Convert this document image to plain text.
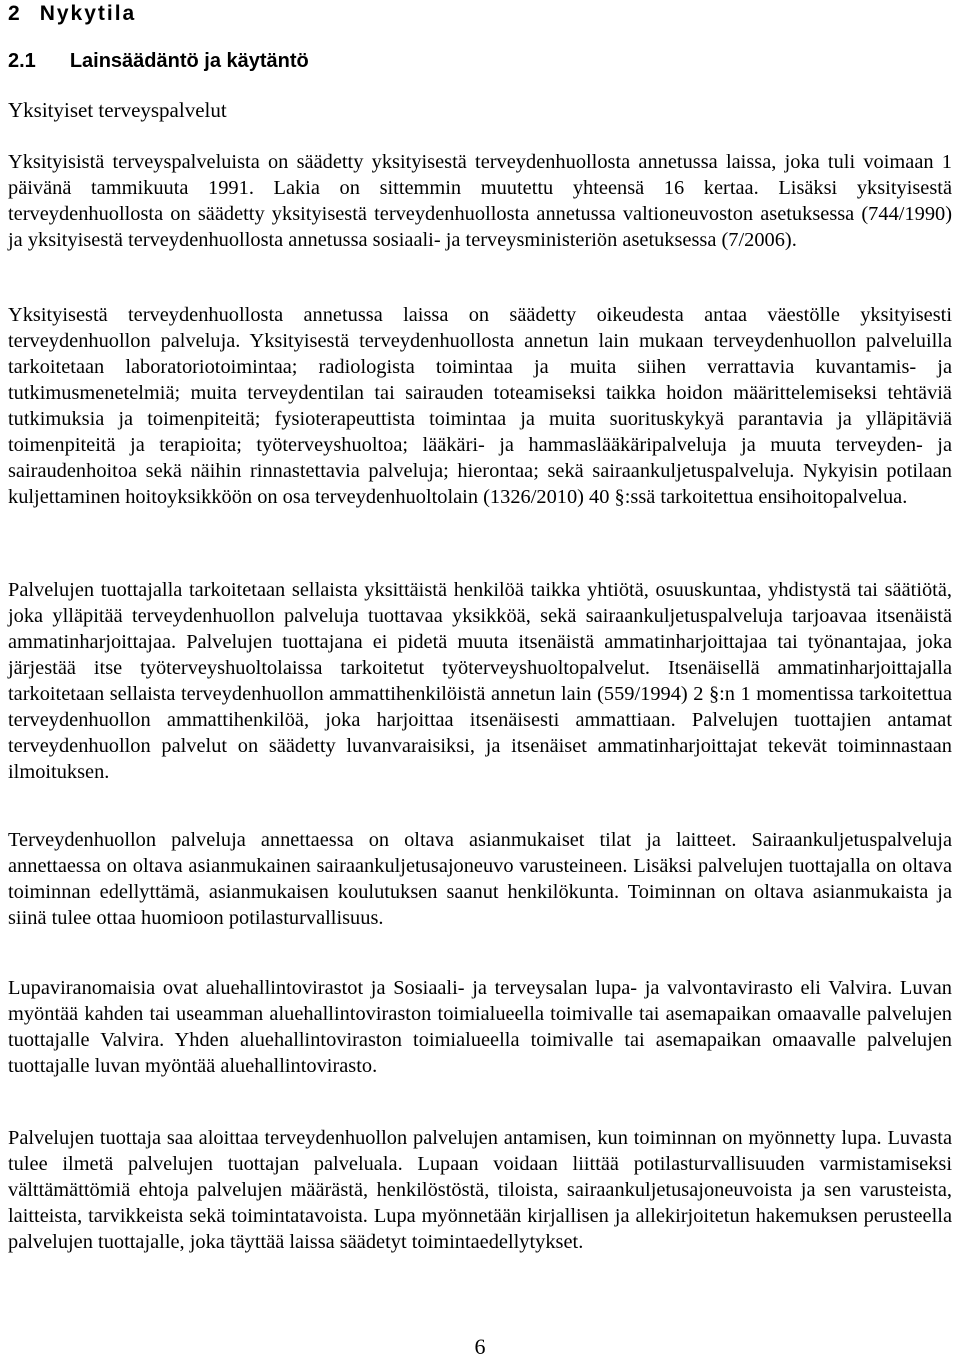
2 Nykytila
2.1 Lainsäädäntö ja käytäntö
Yksityiset terveyspalvelut

Yksityisistä terveyspalveluista on säädetty yksityisestä terveydenhuollosta annetussa laissa, joka tuli voimaan 1 päivänä tammikuuta 1991. Lakia on sittemmin muutettu yhteensä 16 kertaa. Lisäksi yksityisestä terveydenhuollosta on säädetty yksityisestä terveydenhuollosta annetussa valtioneuvoston asetuksessa (744/1990) ja yksityisestä terveydenhuollosta annetussa sosiaali- ja terveysministeriön asetuksessa (7/2006).

Yksityisestä terveydenhuollosta annetussa laissa on säädetty oikeudesta antaa väestölle yksityisesti terveydenhuollon palveluja. Yksityisestä terveydenhuollosta annetun lain mukaan terveydenhuollon palveluilla tarkoitetaan laboratoriotoimintaa; radiologista toimintaa ja muita siihen verrattavia kuvantamis- ja tutkimusmenetelmiä; muita terveydentilan tai sairauden toteamiseksi taikka hoidon määrittelemiseksi tehtäviä tutkimuksia ja toimenpiteitä; fysioterapeuttista toimintaa ja muita suorituskykyä parantavia ja ylläpitäviä toimenpiteitä ja terapioita; työterveyshuoltoa; lääkäri- ja hammaslääkäripalveluja ja muuta terveyden- ja sairaudenhoitoa sekä näihin rinnastettavia palveluja; hierontaa; sekä sairaankuljetuspalveluja. Nykyisin potilaan kuljettaminen hoitoyksikköön on osa terveydenhuoltolain (1326/2010) 40 §:ssä tarkoitettua ensihoitopalvelua.

Palvelujen tuottajalla tarkoitetaan sellaista yksittäistä henkilöä taikka yhtiötä, osuuskuntaa, yhdistystä tai säätiötä, joka ylläpitää terveydenhuollon palveluja tuottavaa yksikköä, sekä sairaankuljetuspalveluja tarjoavaa itsenäistä ammatinharjoittajaa. Palvelujen tuottajana ei pidetä muuta itsenäistä ammatinharjoittajaa tai työnantajaa, joka järjestää itse työterveyshuoltolaissa tarkoitetut työterveyshuoltopalvelut. Itsenäisellä ammatinharjoittajalla tarkoitetaan sellaista terveydenhuollon ammattihenkilöistä annetun lain (559/1994) 2 §:n 1 momentissa tarkoitettua terveydenhuollon ammattihenkilöä, joka harjoittaa itsenäisesti ammattiaan. Palvelujen tuottajien antamat terveydenhuollon palvelut on säädetty luvanvaraisiksi, ja itsenäiset ammatinharjoittajat tekevät toiminnastaan ilmoituksen.

Terveydenhuollon palveluja annettaessa on oltava asianmukaiset tilat ja laitteet. Sairaankuljetuspalveluja annettaessa on oltava asianmukainen sairaankuljetusajoneuvo varusteineen. Lisäksi palvelujen tuottajalla on oltava toiminnan edellyttämä, asianmukaisen koulutuksen saanut henkilökunta. Toiminnan on oltava asianmukaista ja siinä tulee ottaa huomioon potilasturvallisuus.

Lupaviranomaisia ovat aluehallintovirastot ja Sosiaali- ja terveysalan lupa- ja valvontavirasto eli Valvira. Luvan myöntää kahden tai useamman aluehallintoviraston toimialueella toimivalle tai asemapaikan omaavalle palvelujen tuottajalle Valvira. Yhden aluehallintoviraston toimialueella toimivalle tai asemapaikan omaavalle palvelujen tuottajalle luvan myöntää aluehallintovirasto.

Palvelujen tuottaja saa aloittaa terveydenhuollon palvelujen antamisen, kun toiminnan on myönnetty lupa. Luvasta tulee ilmetä palvelujen tuottajan palveluala. Lupaan voidaan liittää potilasturvallisuuden varmistamiseksi välttämättömiä ehtoja palvelujen määrästä, henkilöstöstä, tiloista, sairaankuljetusajoneuvoista ja sen varusteista, laitteista, tarvikkeista sekä toimintatavoista. Lupa myönnetään kirjallisen ja allekirjoitetun hakemuksen perusteella palvelujen tuottajalle, joka täyttää laissa säädetyt toimintaedellytykset.

6
